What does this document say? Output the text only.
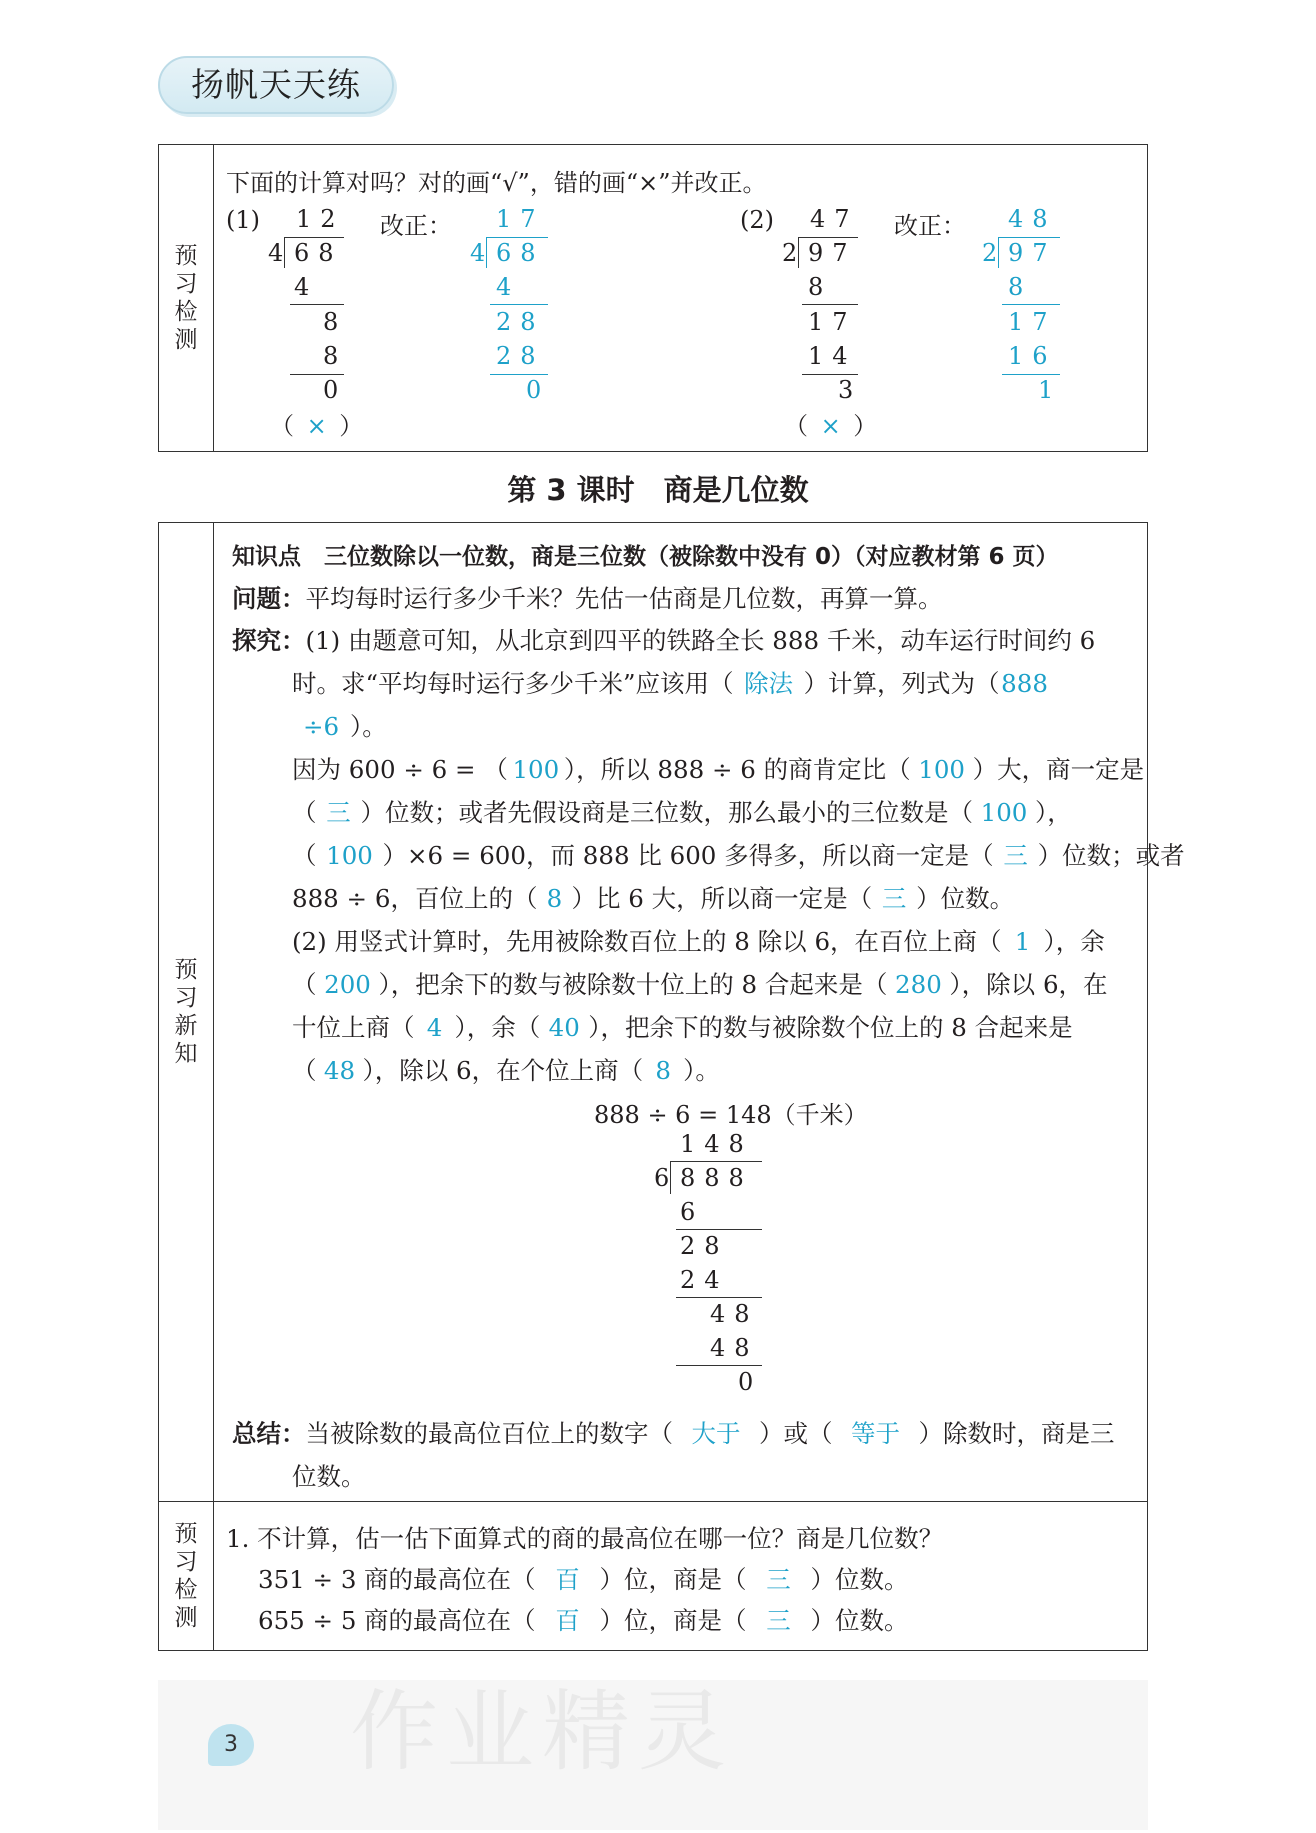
扬帆天天练
预习检测
下面的计算对吗？对的画“√”，错的画“×”并改正。
(1) 12
4 68
4
8
8
0
（ × ）
改正： 17
4 68
4
28
28
0
(2) 47
2 97
8
17
14
3
（ × ）
改正： 48
2 97
8
17
16
1
第 3 课时　商是几位数
预习新知
知识点　三位数除以一位数，商是三位数（被除数中没有 0）（对应教材第 6 页）
问题：平均每时运行多少千米？先估一估商是几位数，再算一算。
探究：(1) 由题意可知，从北京到四平的铁路全长 888 千米，动车运行时间约 6
时。求“平均每时运行多少千米”应该用（ 除法 ）计算，列式为（888
÷6 ）。
因为 600 ÷ 6 = （ 100 ），所以 888 ÷ 6 的商肯定比（ 100 ）大，商一定是
（ 三 ）位数；或者先假设商是三位数，那么最小的三位数是（ 100 ），
（ 100 ）×6 = 600，而 888 比 600 多得多，所以商一定是（ 三 ）位数；或者
888 ÷ 6，百位上的（ 8 ）比 6 大，所以商一定是（ 三 ）位数。
(2) 用竖式计算时，先用被除数百位上的 8 除以 6，在百位上商（ 1 ），余
（ 200 ），把余下的数与被除数十位上的 8 合起来是（ 280 ），除以 6，在
十位上商（ 4 ），余（ 40 ），把余下的数与被除数个位上的 8 合起来是
（ 48 ），除以 6，在个位上商（ 8 ）。
888 ÷ 6 = 148（千米）
148
6 888
6
28
24
48
48
0
总结：当被除数的最高位百位上的数字（ 大于 ）或（ 等于 ）除数时，商是三
位数。
预习检测
1. 不计算，估一估下面算式的商的最高位在哪一位？商是几位数？
351 ÷ 3 商的最高位在（ 百 ）位，商是（ 三 ）位数。
655 ÷ 5 商的最高位在（ 百 ）位，商是（ 三 ）位数。
作业精灵
3
